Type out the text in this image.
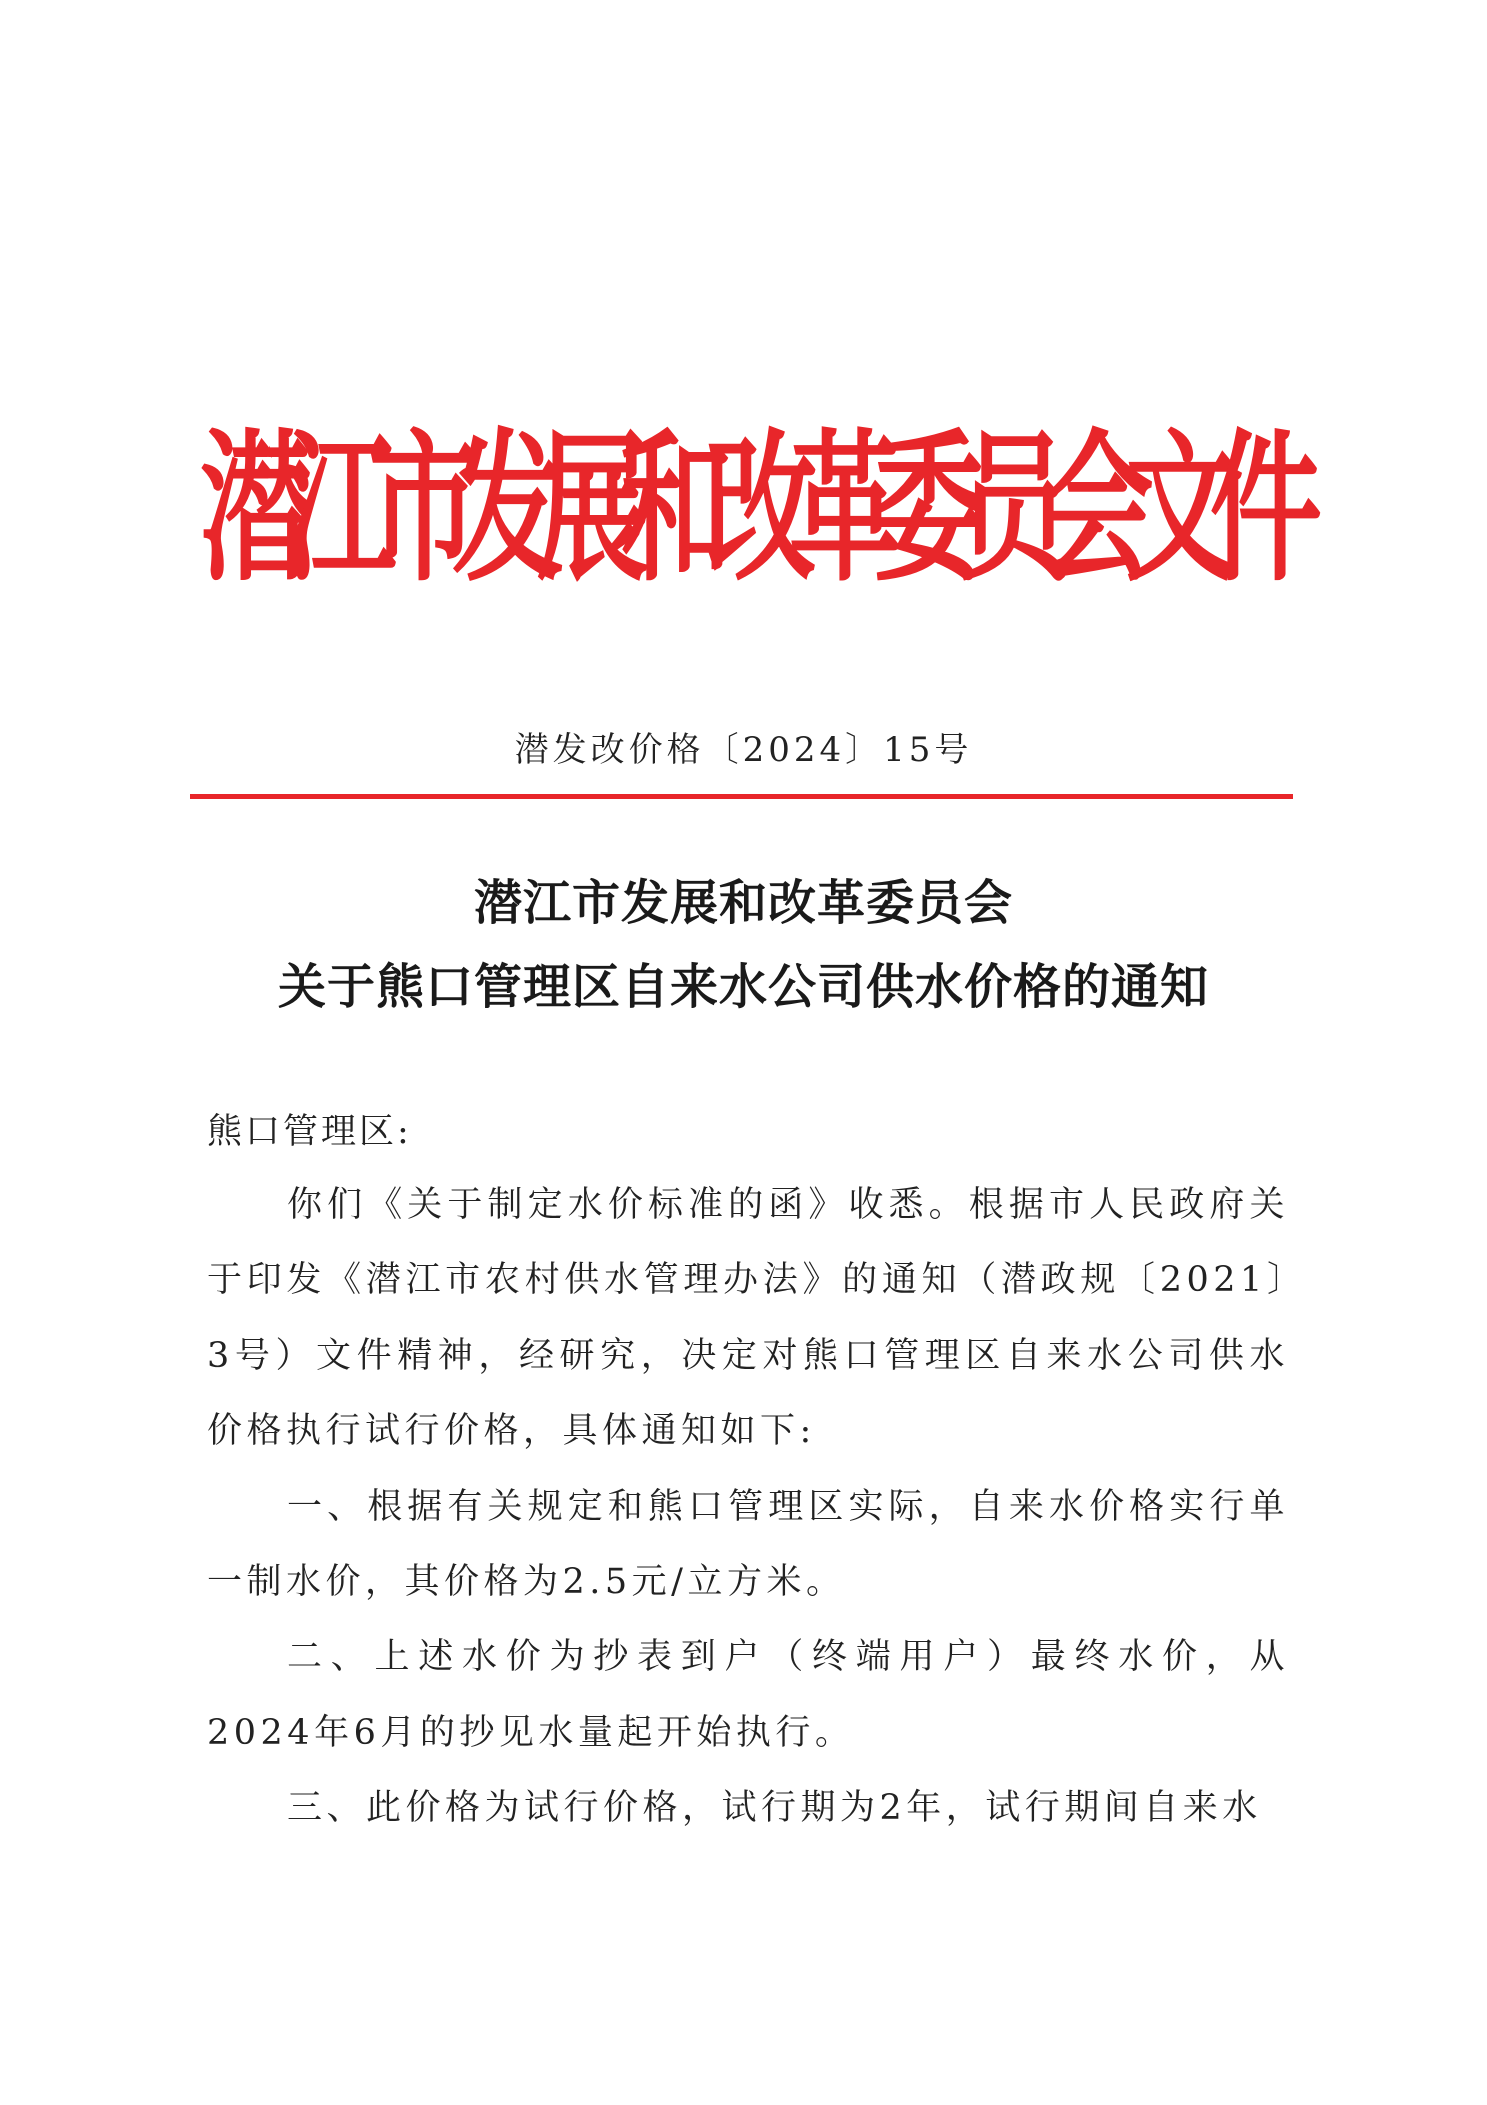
潜
江
市
发
展
和
改
革
委
员
会
文
件
潜发改价格〔2024〕15号
潜江市发展和改革委员会
关于熊口管理区自来水公司供水价格的通知
熊口管理区:

你们《关于制定水价标准的函》收悉。根据市人民政府关于印发《潜江市农村供水管理办法》的通知（潜政规〔2021〕3号）文件精神，经研究，决定对熊口管理区自来水公司供水价格执行试行价格，具体通知如下:

一、根据有关规定和熊口管理区实际，自来水价格实行单一制水价，其价格为2.5元/立方米。

二、上述水价为抄表到户（终端用户）最终水价，从2024年6月的抄见水量起开始执行。

三、此价格为试行价格，试行期为2年，试行期间自来水
